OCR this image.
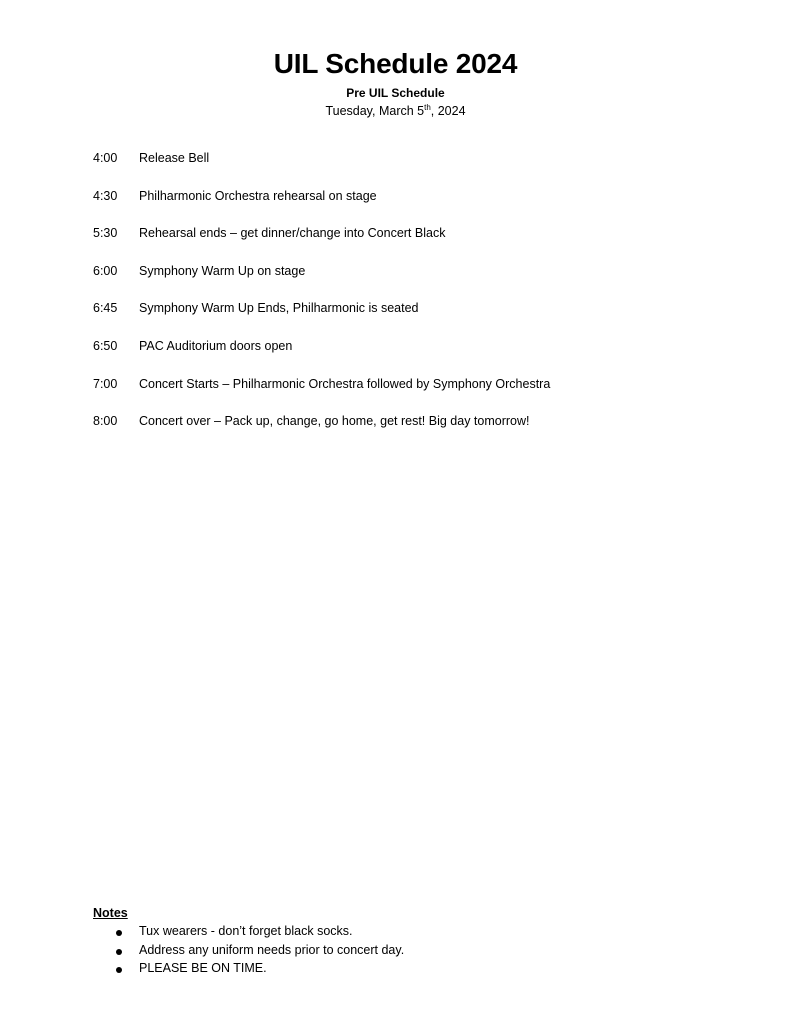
UIL Schedule 2024
Pre UIL Schedule
Tuesday, March 5th, 2024
4:00	Release Bell
4:30	Philharmonic Orchestra rehearsal on stage
5:30	Rehearsal ends – get dinner/change into Concert Black
6:00	Symphony Warm Up on stage
6:45	Symphony Warm Up Ends, Philharmonic is seated
6:50	PAC Auditorium doors open
7:00	Concert Starts – Philharmonic Orchestra followed by Symphony Orchestra
8:00	Concert over – Pack up, change, go home, get rest! Big day tomorrow!
Notes
Tux wearers - don’t forget black socks.
Address any uniform needs prior to concert day.
PLEASE BE ON TIME.
